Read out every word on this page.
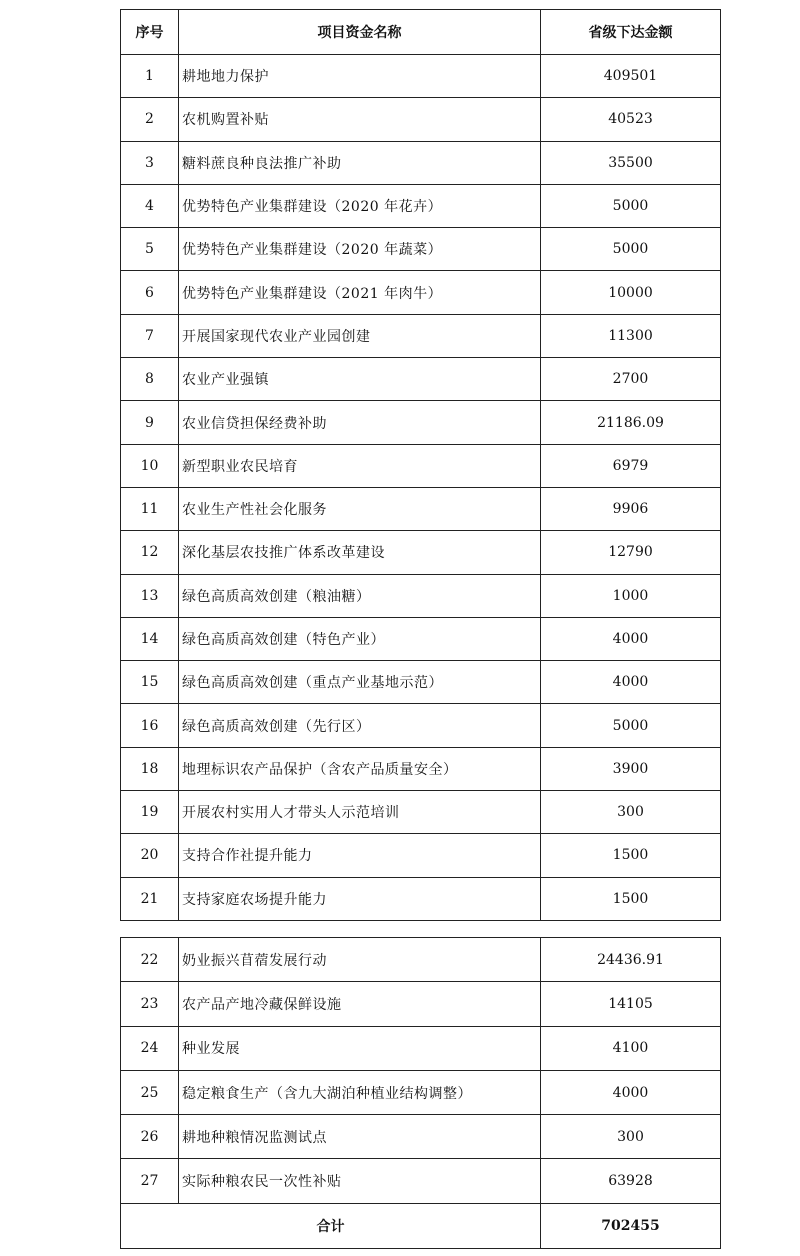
序号	项目资金名称	省级下达金额
1	耕地地力保护	409501
2	农机购置补贴	40523
3	糖料蔗良种良法推广补助	35500
4	优势特色产业集群建设（2020 年花卉）	5000
5	优势特色产业集群建设（2020 年蔬菜）	5000
6	优势特色产业集群建设（2021 年肉牛）	10000
7	开展国家现代农业产业园创建	11300
8	农业产业强镇	2700
9	农业信贷担保经费补助	21186.09
10	新型职业农民培育	6979
11	农业生产性社会化服务	9906
12	深化基层农技推广体系改革建设	12790
13	绿色高质高效创建（粮油糖）	1000
14	绿色高质高效创建（特色产业）	4000
15	绿色高质高效创建（重点产业基地示范）	4000
16	绿色高质高效创建（先行区）	5000
18	地理标识农产品保护（含农产品质量安全）	3900
19	开展农村实用人才带头人示范培训	300
20	支持合作社提升能力	1500
21	支持家庭农场提升能力	1500
22	奶业振兴苜蓿发展行动	24436.91
23	农产品产地冷藏保鲜设施	14105
24	种业发展	4100
25	稳定粮食生产（含九大湖泊种植业结构调整）	4000
26	耕地种粮情况监测试点	300
27	实际种粮农民一次性补贴	63928
合计		702455
